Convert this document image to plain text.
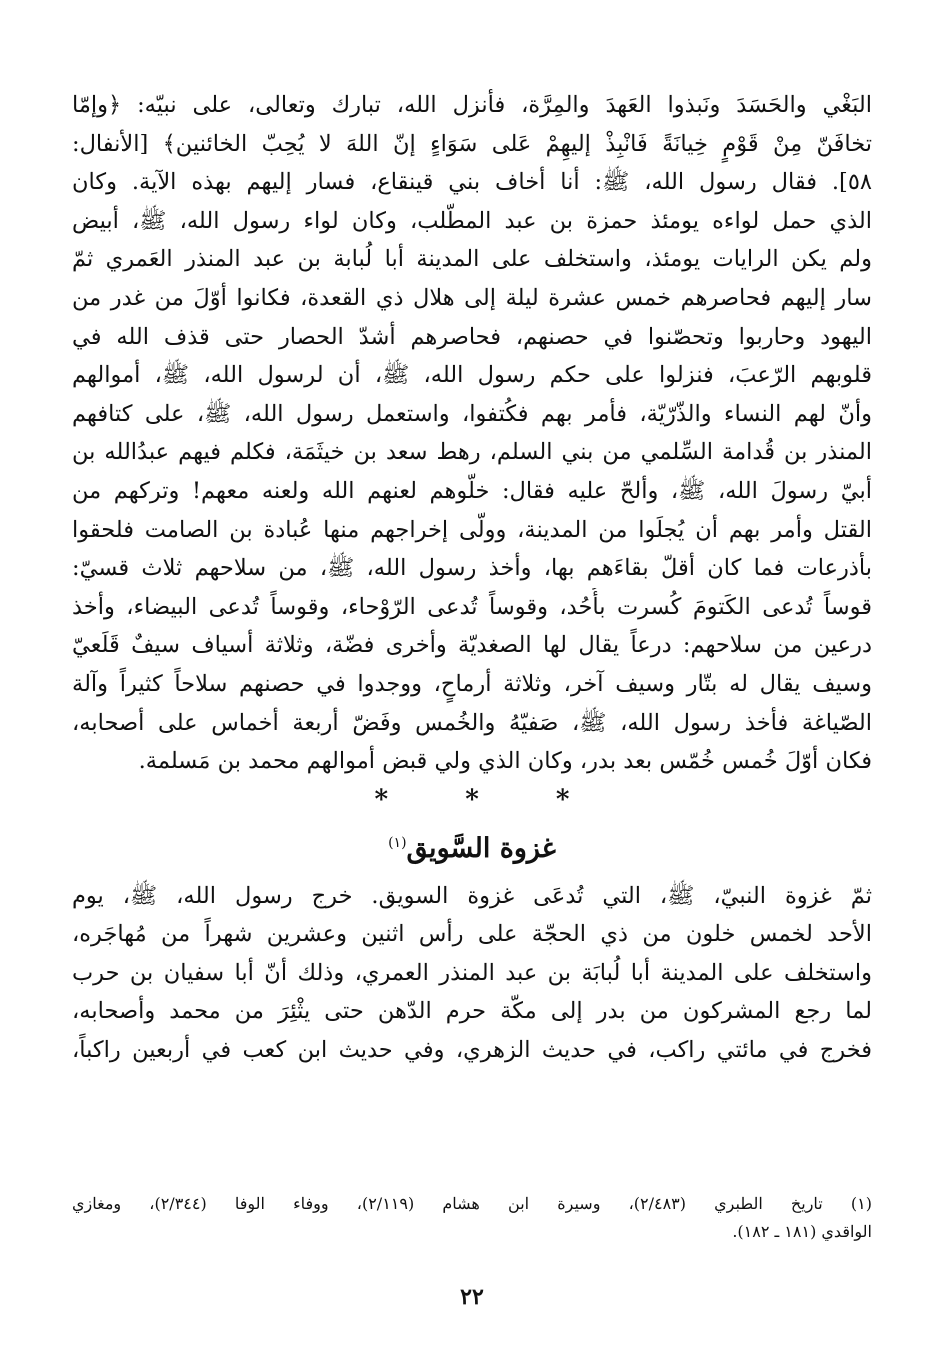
البَغْي والحَسَدَ ونَبذوا العَهدَ والمِرَّة، فأنزل الله، تبارك وتعالى، على نبيّه: ﴿وإمّا
تخافَنّ مِنْ قَوْمٍ خِيانَةً فَانْبِذْ إليهِمْ عَلى سَوَاءٍ إنّ اللهَ لا يُحِبّ الخائنين﴾ [الأنفال:
٥٨]. فقال رسول الله، ﷺ: أنا أخاف بني قينقاع، فسار إليهم بهذه الآية. وكان
الذي حمل لواءه يومئذ حمزة بن عبد المطّلب، وكان لواء رسول الله، ﷺ، أبيض
ولم يكن الرايات يومئذ، واستخلف على المدينة أبا لُبابة بن عبد المنذر العَمري ثمّ
سار إليهم فحاصرهم خمس عشرة ليلة إلى هلال ذي القعدة، فكانوا أوّلَ من غدر من
اليهود وحاربوا وتحصّنوا في حصنهم، فحاصرهم أشدّ الحصار حتى قذف الله في
قلوبهم الرّعبَ، فنزلوا على حكم رسول الله، ﷺ، أن لرسول الله، ﷺ، أموالهم
وأنّ لهم النساء والذّرّيّة، فأمر بهم فكُتفوا، واستعمل رسول الله، ﷺ، على كتافهم
المنذر بن قُدامة السِّلمي من بني السلم، رهط سعد بن خيثَمَة، فكلم فيهم عبدُالله بن
أبيّ رسولَ الله، ﷺ، وألحّ عليه فقال: خلّوهم لعنهم الله ولعنه معهم! وتركهم من
القتل وأمر بهم أن يُجلَوا من المدينة، وولّى إخراجهم منها عُبادة بن الصامت فلحقوا
بأذرعات فما كان أقلّ بقاءَهم بها، وأخذ رسول الله، ﷺ، من سلاحهم ثلاث قسيّ:
قوساً تُدعى الكَتومَ كُسرت بأُحُد، وقوساً تُدعى الرّوْحاء، وقوساً تُدعى البيضاء، وأخذ
درعين من سلاحهم: درعاً يقال لها الصغديّة وأخرى فضّة، وثلاثة أسياف سيفٌ قَلَعيّ
وسيف يقال له بتّار وسيف آخر، وثلاثة أرماحٍ، ووجدوا في حصنهم سلاحاً كثيراً وآلة
الصّياغة فأخذ رسول الله، ﷺ، صَفيّهُ والخُمس وفَضّ أربعة أخماس على أصحابه،
فكان أوّلَ خُمس خُمّس بعد بدر، وكان الذي ولي قبض أموالهم محمد بن مَسلمة.
*	*	*
غزوة السَّويق$^{(١)}$
ثمّ غزوة النبيّ، ﷺ، التي تُدعَى غزوة السويق. خرج رسول الله، ﷺ، يوم
الأحد لخمس خلون من ذي الحجّة على رأس اثنين وعشرين شهراً من مُهاجَره،
واستخلف على المدينة أبا لُبابَة بن عبد المنذر العمري، وذلك أنّ أبا سفيان بن حرب
لما رجع المشركون من بدر إلى مكّة حرم الدّهن حتى يثْئِرَ من محمد وأصحابه،
فخرج في مائتي راكب، في حديث الزهري، وفي حديث ابن كعب في أربعين راكباً،
(١) تاريخ الطبري (٢/٤٨٣)، وسيرة ابن هشام (٢/١١٩)، ووفاء الوفا (٢/٣٤٤)، ومغازي
الواقدي (١٨١ ـ ١٨٢).
٢٢
